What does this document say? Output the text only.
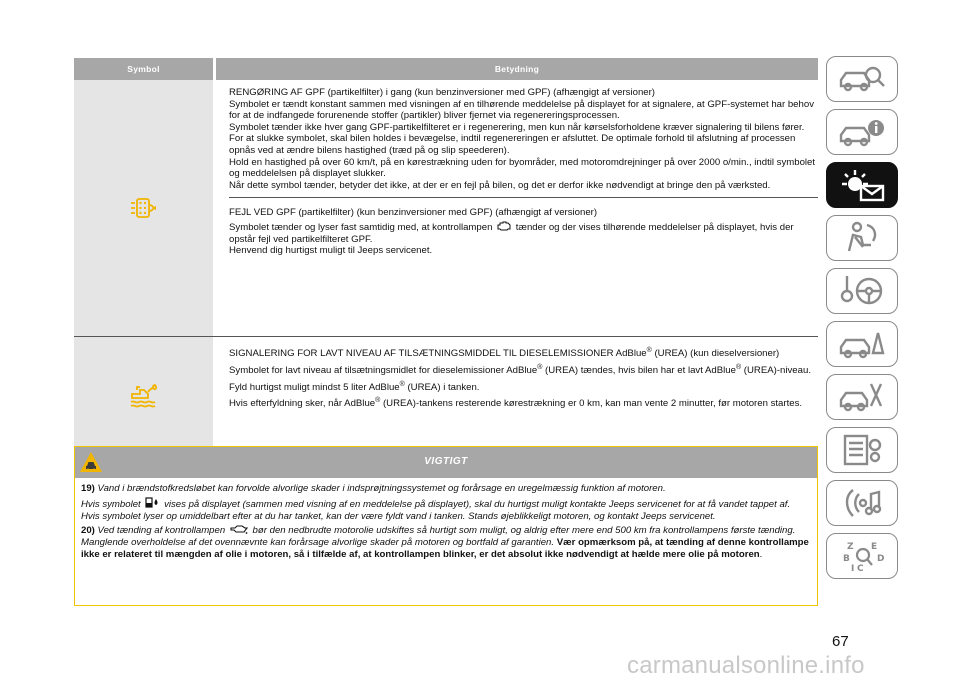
Symbol	Betydning

RENGØRING AF GPF (partikelfilter) i gang (kun benzinversioner med GPF) (afhængigt af versioner)

Symbolet er tændt konstant sammen med visningen af en tilhørende meddelelse på displayet for at signalere, at GPF-systemet har behov for at de indfangede forurenende stoffer (partikler) bliver fjernet via regenereringsprocessen.

Symbolet tænder ikke hver gang GPF-partikelfilteret er i regenerering, men kun når kørselsforholdene kræver signalering til bilens fører.

For at slukke symbolet, skal bilen holdes i bevægelse, indtil regenereringen er afsluttet. De optimale forhold til afslutning af processen opnås ved at ændre bilens hastighed (træd på og slip speederen).

Hold en hastighed på over 60 km/t, på en kørestrækning uden for byområder, med motoromdrejninger på over 2000 o/min., indtil symbolet og meddelelsen på displayet slukker.

Når dette symbol tænder, betyder det ikke, at der er en fejl på bilen, og det er derfor ikke nødvendigt at bringe den på værksted.

FEJL VED GPF (partikelfilter) (kun benzinversioner med GPF) (afhængigt af versioner)

Symbolet tænder og lyser fast samtidig med, at kontrollampen tænder og der vises tilhørende meddelelser på displayet, hvis der opstår fejl ved partikelfilteret GPF.

Henvend dig hurtigst muligt til Jeeps servicenet.

SIGNALERING FOR LAVT NIVEAU AF TILSÆTNINGSMIDDEL TIL DIESELEMISSIONER AdBlue® (UREA) (kun dieselversioner)

Symbolet for lavt niveau af tilsætningsmidlet for dieselemissioner AdBlue® (UREA) tændes, hvis bilen har et lavt AdBlue® (UREA)-niveau.

Fyld hurtigst muligt mindst 5 liter AdBlue® (UREA) i tanken.

Hvis efterfyldning sker, når AdBlue® (UREA)-tankens resterende kørestrækning er 0 km, kan man vente 2 minutter, før motoren startes.

VIGTIGT

19) Vand i brændstofkredsløbet kan forvolde alvorlige skader i indsprøjtningssystemet og forårsage en uregelmæssig funktion af motoren.

Hvis symbolet vises på displayet (sammen med visning af en meddelelse på displayet), skal du hurtigst muligt kontakte Jeeps servicenet for at få vandet tappet af. Hvis symbolet lyser op umiddelbart efter at du har tanket, kan der være fyldt vand i tanken. Stands øjeblikkeligt motoren, og kontakt Jeeps servicenet.

20) Ved tænding af kontrollampen	bør den nedbrudte motorolie udskiftes så hurtigt som muligt, og aldrig efter mere end 500 km fra kontrollampens første tænding. Manglende overholdelse af det ovennævnte kan forårsage alvorlige skader på motoren og bortfald af garantien. Vær opmærksom på, at tænding af denne kontrollampe ikke er relateret til mængden af olie i motoren, så i tilfælde af, at kontrollampen blinker, er det absolut ikke nødvendigt at hælde mere olie på motoren.

Z E
B	D
I C
67
carmanualsonline.info
